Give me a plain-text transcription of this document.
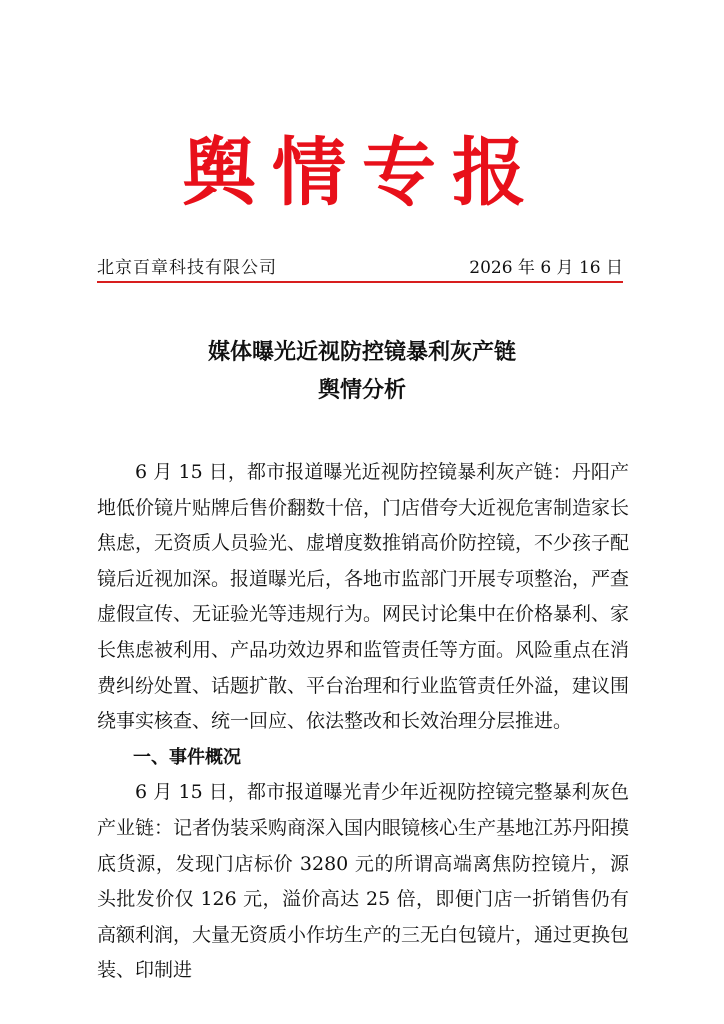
舆情专报
北京百章科技有限公司	2026 年 6 月 16 日
媒体曝光近视防控镜暴利灰产链
舆情分析

6 月 15 日，都市报道曝光近视防控镜暴利灰产链：丹阳产地低价镜片贴牌后售价翻数十倍，门店借夸大近视危害制造家长焦虑，无资质人员验光、虚增度数推销高价防控镜，不少孩子配镜后近视加深。报道曝光后，各地市监部门开展专项整治，严查虚假宣传、无证验光等违规行为。网民讨论集中在价格暴利、家长焦虑被利用、产品功效边界和监管责任等方面。风险重点在消费纠纷处置、话题扩散、平台治理和行业监管责任外溢，建议围绕事实核查、统一回应、依法整改和长效治理分层推进。

一、事件概况

6 月 15 日，都市报道曝光青少年近视防控镜完整暴利灰色产业链：记者伪装采购商深入国内眼镜核心生产基地江苏丹阳摸底货源，发现门店标价 3280 元的所谓高端离焦防控镜片，源头批发价仅 126 元，溢价高达 25 倍，即便门店一折销售仍有高额利润，大量无资质小作坊生产的三无白包镜片，通过更换包装、印制进
